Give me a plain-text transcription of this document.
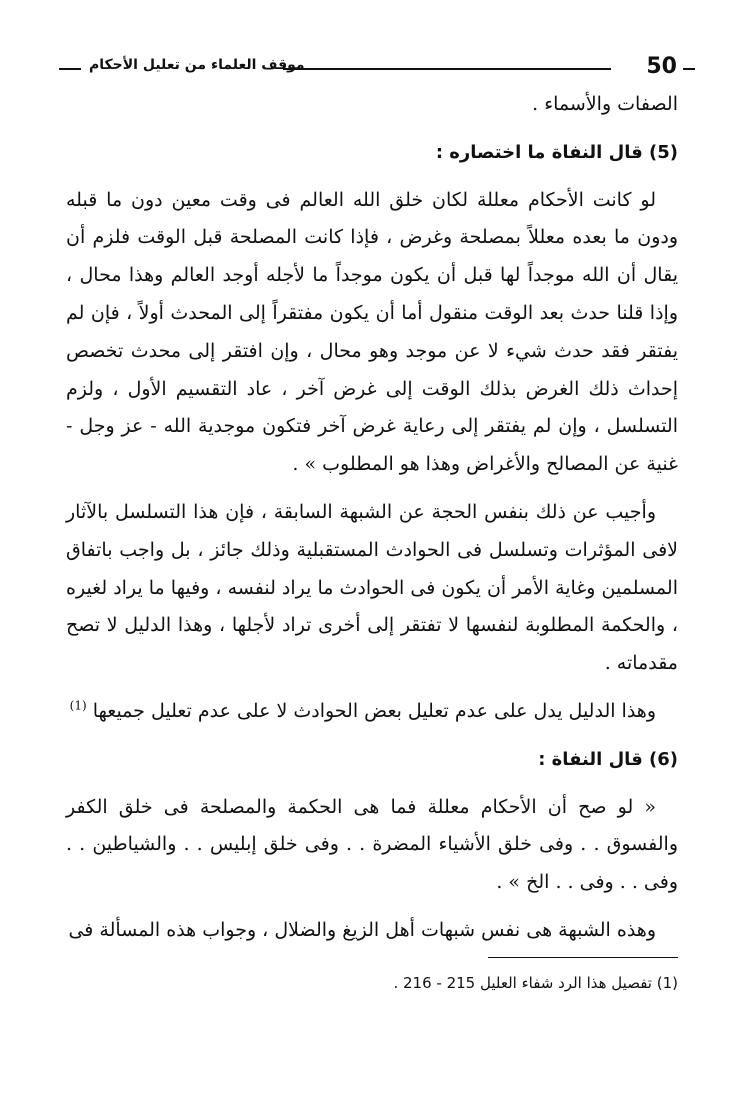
50
موقف العلماء من تعليل الأحكام

الصفات والأسماء .

(5) قال النفاة ما اختصاره :

لو كانت الأحكام معللة لكان خلق الله العالم فى وقت معين دون ما قبله ودون ما بعده معللاً بمصلحة وغرض ، فإذا كانت المصلحة قبل الوقت فلزم أن يقال أن الله موجداً لها قبل أن يكون موجداً ما لأجله أوجد العالم وهذا محال ، وإذا قلنا حدث بعد الوقت منقول أما أن يكون مفتقراً إلى المحدث أولاً ، فإن لم يفتقر فقد حدث شيء لا عن موجد وهو محال ، وإن افتقر إلى محدث تخصص إحداث ذلك الغرض بذلك الوقت إلى غرض آخر ، عاد التقسيم الأول ، ولزم التسلسل ، وإن لم يفتقر إلى رعاية غرض آخر فتكون موجدية الله - عز وجل - غنية عن المصالح والأغراض وهذا هو المطلوب » .

وأجيب عن ذلك بنفس الحجة عن الشبهة السابقة ، فإن هذا التسلسل بالآثار لافى المؤثرات وتسلسل فى الحوادث المستقبلية وذلك جائز ، بل واجب باتفاق المسلمين وغاية الأمر أن يكون فى الحوادث ما يراد لنفسه ، وفيها ما يراد لغيره ، والحكمة المطلوبة لنفسها لا تفتقر إلى أخرى تراد لأجلها ، وهذا الدليل لا تصح مقدماته .

وهذا الدليل يدل على عدم تعليل بعض الحوادث لا على عدم تعليل جميعها $^{(1)}$

(6) قال النفاة :

« لو صح أن الأحكام معللة فما هى الحكمة والمصلحة فى خلق الكفر والفسوق . . وفى خلق الأشياء المضرة . . وفى خلق إبليس . . والشياطين . . وفى . . وفى . . الخ » .

وهذه الشبهة هى نفس شبهات أهل الزيغ والضلال ، وجواب هذه المسألة فى

(1) تفصيل هذا الرد شفاء العليل 215 - 216 .
